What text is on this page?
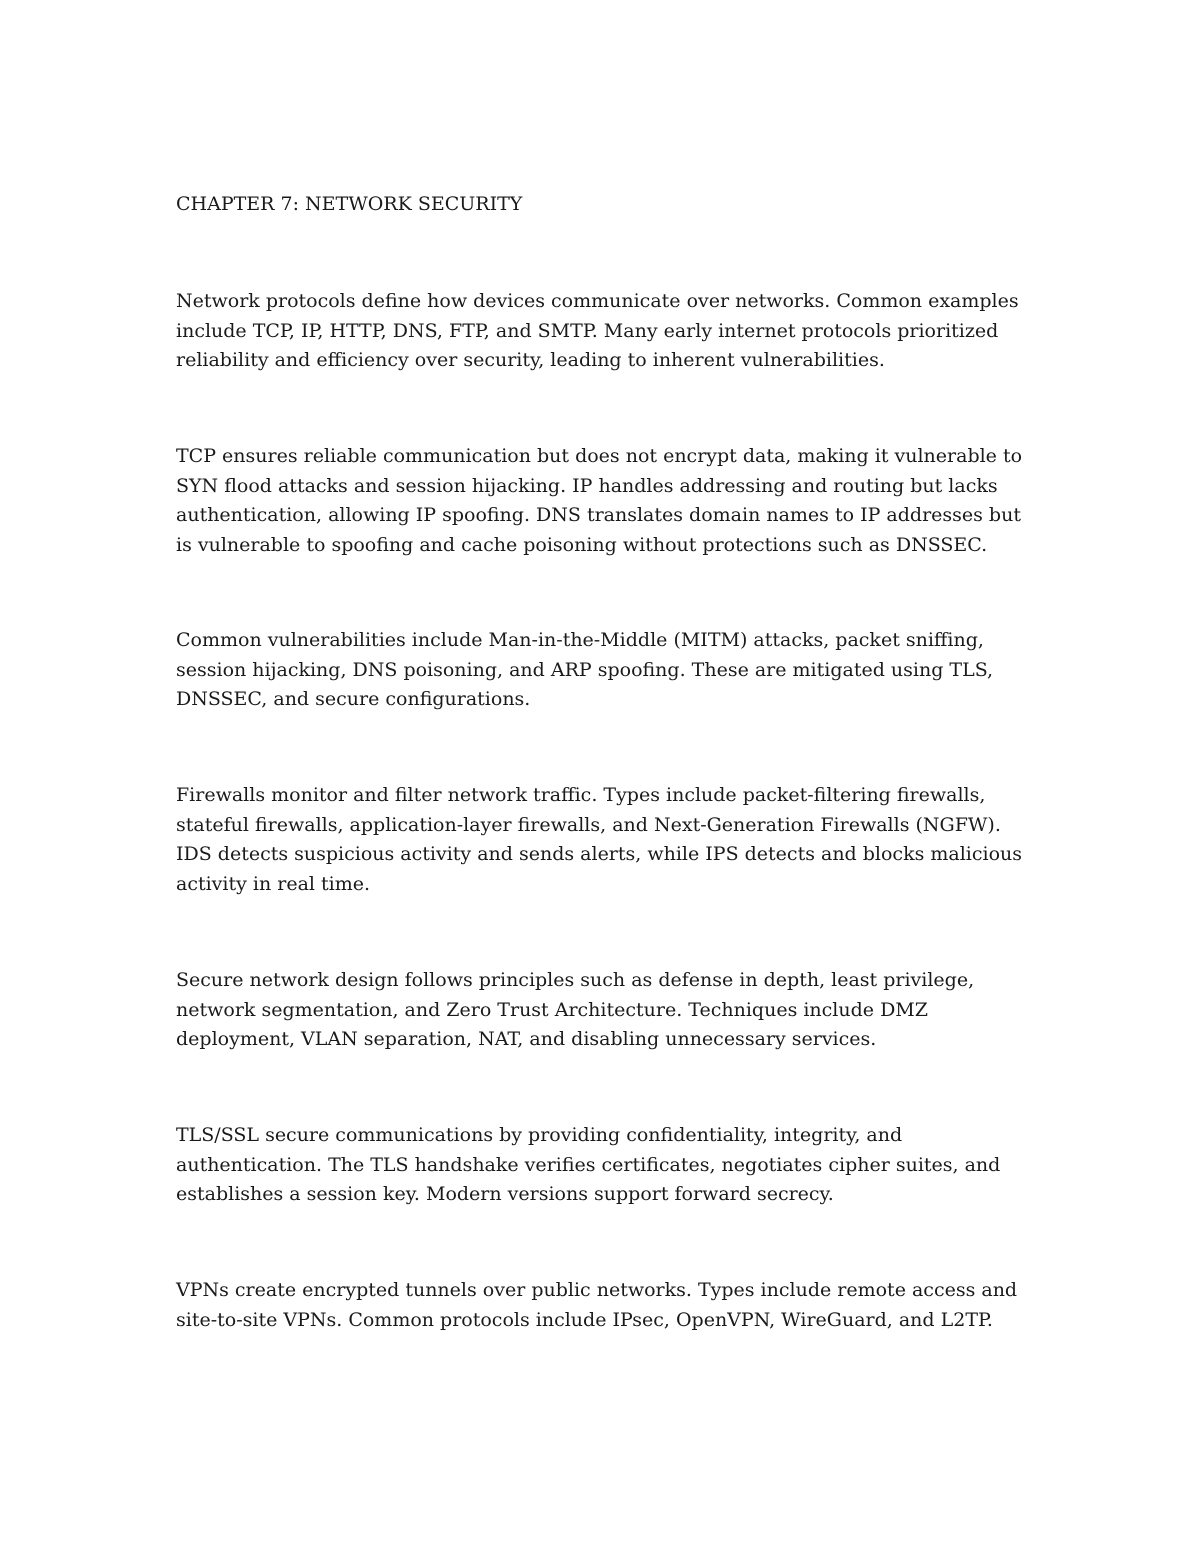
CHAPTER 7: NETWORK SECURITY

Network protocols define how devices communicate over networks. Common examples include TCP, IP, HTTP, DNS, FTP, and SMTP. Many early internet protocols prioritized reliability and efficiency over security, leading to inherent vulnerabilities.

TCP ensures reliable communication but does not encrypt data, making it vulnerable to SYN flood attacks and session hijacking. IP handles addressing and routing but lacks authentication, allowing IP spoofing. DNS translates domain names to IP addresses but is vulnerable to spoofing and cache poisoning without protections such as DNSSEC.

Common vulnerabilities include Man-in-the-Middle (MITM) attacks, packet sniffing, session hijacking, DNS poisoning, and ARP spoofing. These are mitigated using TLS, DNSSEC, and secure configurations.

Firewalls monitor and filter network traffic. Types include packet-filtering firewalls, stateful firewalls, application-layer firewalls, and Next-Generation Firewalls (NGFW). IDS detects suspicious activity and sends alerts, while IPS detects and blocks malicious activity in real time.

Secure network design follows principles such as defense in depth, least privilege, network segmentation, and Zero Trust Architecture. Techniques include DMZ deployment, VLAN separation, NAT, and disabling unnecessary services.

TLS/SSL secure communications by providing confidentiality, integrity, and authentication. The TLS handshake verifies certificates, negotiates cipher suites, and establishes a session key. Modern versions support forward secrecy.

VPNs create encrypted tunnels over public networks. Types include remote access and site-to-site VPNs. Common protocols include IPsec, OpenVPN, WireGuard, and L2TP.
